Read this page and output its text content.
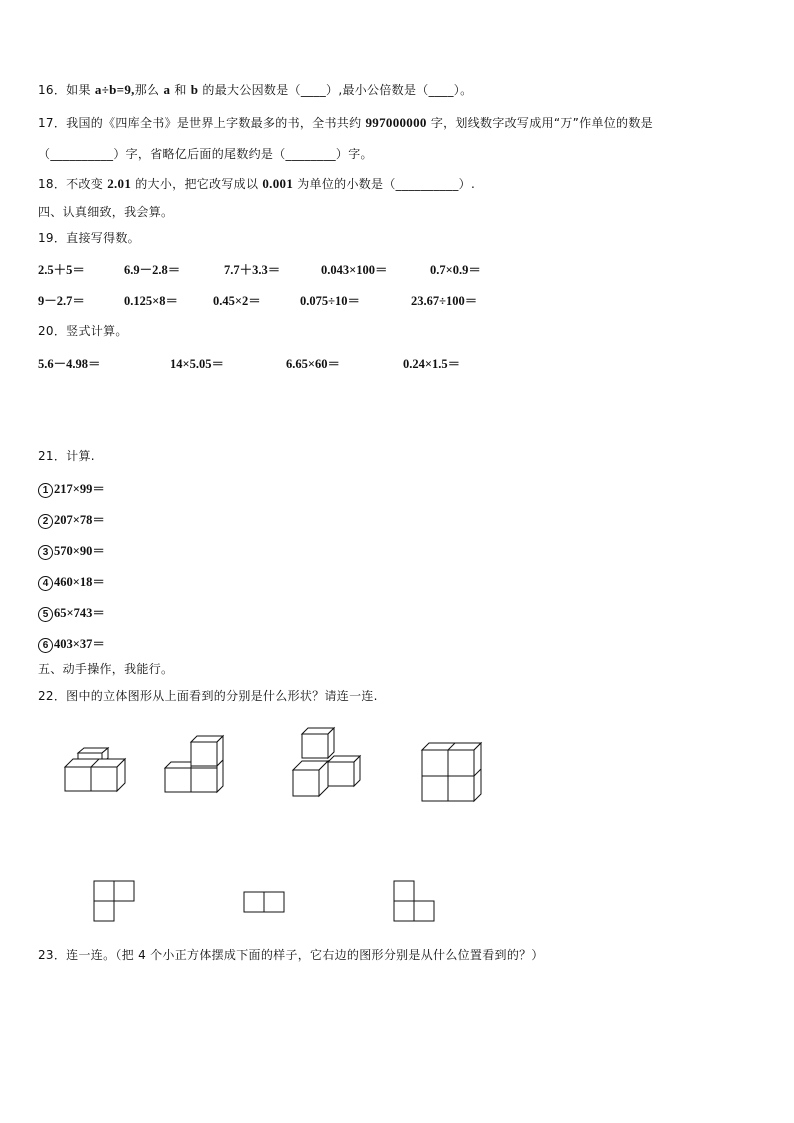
16．如果 a÷b=9,那么 a 和 b 的最大公因数是（____）,最小公倍数是（____）。
17．我国的《四库全书》是世界上字数最多的书，全书共约 997000000 字，划线数字改写成用“万”作单位的数是
（__________）字，省略亿后面的尾数约是（________）字。
18．不改变 2.01 的大小，把它改写成以 0.001 为单位的小数是（__________）.
四、认真细致，我会算。
19．直接写得数。
2.5＋5＝	6.9－2.8＝	7.7＋3.3＝	0.043×100＝	0.7×0.9＝
9－2.7＝	0.125×8＝	0.45×2＝	0.075÷10＝	23.67÷100＝
20．竖式计算。
5.6－4.98＝	14×5.05＝	6.65×60＝	0.24×1.5＝
21．计算.
1 217×99＝
2 207×78＝
3 570×90＝
4 460×18＝
5 65×743＝
6 403×37＝
五、动手操作，我能行。
22．图中的立体图形从上面看到的分别是什么形状？请连一连.
23．连一连。（把 4 个小正方体摆成下面的样子，它右边的图形分别是从什么位置看到的？）
